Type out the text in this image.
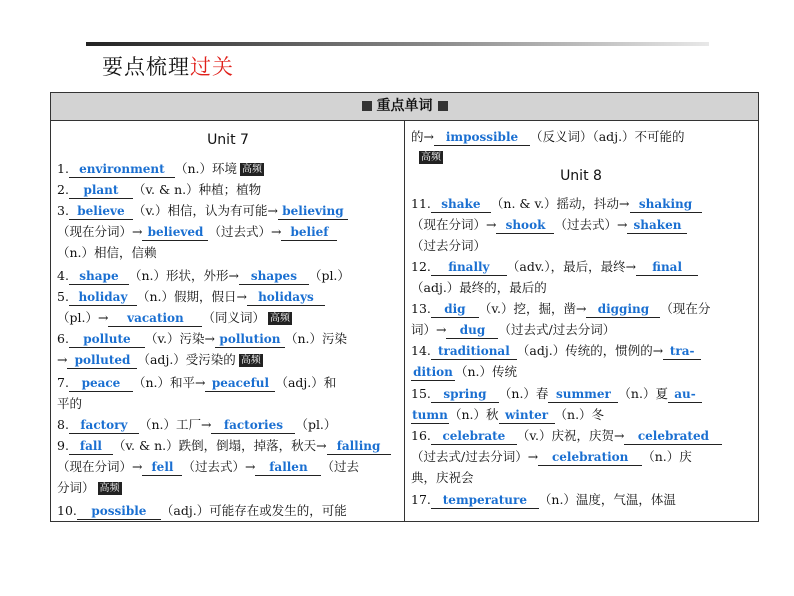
要点梳理过关
重点单词
Unit 7
1. environment （n.）环境 高频
2. plant （v. & n.）种植；植物
3. believe （v.）相信，认为有可能→ believing
（现在分词）→ believed （过去式）→ belief
（n.）相信，信赖
4. shape （n.）形状，外形→ shapes （pl.）
5. holiday （n.）假期，假日→ holidays
（pl.）→ vacation （同义词） 高频
6. pollute （v.）污染→ pollution （n.）污染
→ polluted （adj.）受污染的 高频
7. peace （n.）和平→ peaceful （adj.）和
平的
8. factory （n.）工厂→ factories （pl.）
9. fall （v. & n.）跌倒，倒塌，掉落，秋天→ falling
（现在分词）→ fell （过去式）→ fallen （过去
分词） 高频
10. possible （adj.）可能存在或发生的，可能
的→ impossible （反义词）（adj.）不可能的
高频
Unit 8
11. shake （n. & v.）摇动，抖动→ shaking
（现在分词）→ shook （过去式）→ shaken
（过去分词）
12. finally （adv.），最后，最终→ final
（adj.）最终的，最后的
13. dig （v.）挖，掘，凿→ digging （现在分
词）→ dug （过去式/过去分词）
14. traditional （adj.）传统的，惯例的→ tra-
dition （n.）传统
15. spring （n.）春 summer （n.）夏 au-
tumn（n.）秋 winter （n.）冬
16. celebrate （v.）庆祝，庆贺→ celebrated
（过去式/过去分词）→ celebration （n.）庆
典，庆祝会
17. temperature （n.）温度，气温，体温
